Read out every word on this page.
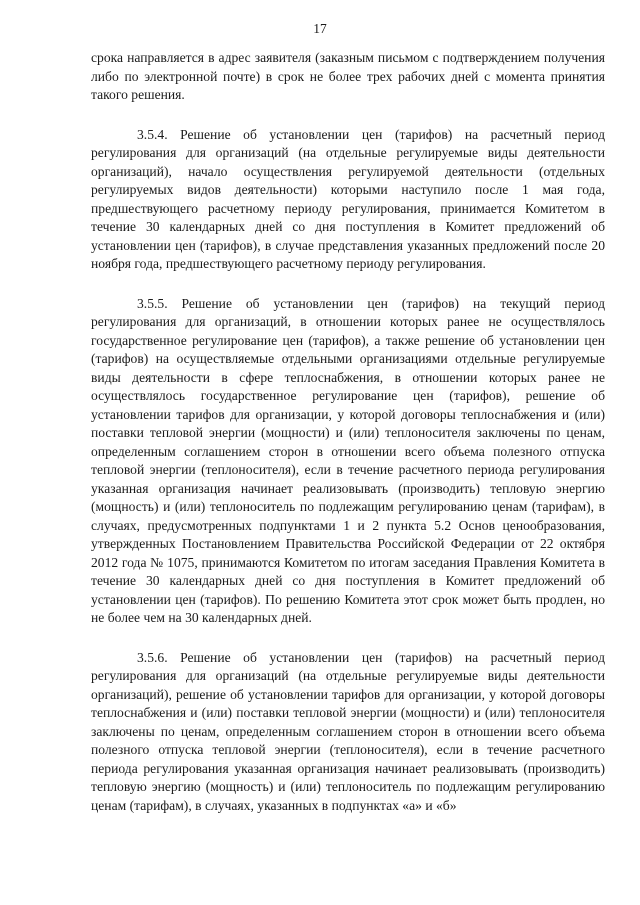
17

срока направляется в адрес заявителя (заказным письмом с подтверждением получения либо по электронной почте) в срок не более трех рабочих дней с момента принятия такого решения.

3.5.4. Решение об установлении цен (тарифов) на расчетный период регулирования для организаций (на отдельные регулируемые виды деятельности организаций), начало осуществления регулируемой деятельности (отдельных регулируемых видов деятельности) которыми наступило после 1 мая года, предшествующего расчетному периоду регулирования, принимается Комитетом в течение 30 календарных дней со дня поступления в Комитет предложений об установлении цен (тарифов), в случае представления указанных предложений после 20 ноября года, предшествующего расчетному периоду регулирования.

3.5.5. Решение об установлении цен (тарифов) на текущий период регулирования для организаций, в отношении которых ранее не осуществлялось государственное регулирование цен (тарифов), а также решение об установлении цен (тарифов) на осуществляемые отдельными организациями отдельные регулируемые виды деятельности в сфере теплоснабжения, в отношении которых ранее не осуществлялось государственное регулирование цен (тарифов), решение об установлении тарифов для организации, у которой договоры теплоснабжения и (или) поставки тепловой энергии (мощности) и (или) теплоносителя заключены по ценам, определенным соглашением сторон в отношении всего объема полезного отпуска тепловой энергии (теплоносителя), если в течение расчетного периода регулирования указанная организация начинает реализовывать (производить) тепловую энергию (мощность) и (или) теплоноситель по подлежащим регулированию ценам (тарифам), в случаях, предусмотренных подпунктами 1 и 2 пункта 5.2 Основ ценообразования, утвержденных Постановлением Правительства Российской Федерации от 22 октября 2012 года № 1075, принимаются Комитетом по итогам заседания Правления Комитета в течение 30 календарных дней со дня поступления в Комитет предложений об установлении цен (тарифов). По решению Комитета этот срок может быть продлен, но не более чем на 30 календарных дней.

3.5.6. Решение об установлении цен (тарифов) на расчетный период регулирования для организаций (на отдельные регулируемые виды деятельности организаций), решение об установлении тарифов для организации, у которой договоры теплоснабжения и (или) поставки тепловой энергии (мощности) и (или) теплоносителя заключены по ценам, определенным соглашением сторон в отношении всего объема полезного отпуска тепловой энергии (теплоносителя), если в течение расчетного периода регулирования указанная организация начинает реализовывать (производить) тепловую энергию (мощность) и (или) теплоноситель по подлежащим регулированию ценам (тарифам), в случаях, указанных в подпунктах «а» и «б»
